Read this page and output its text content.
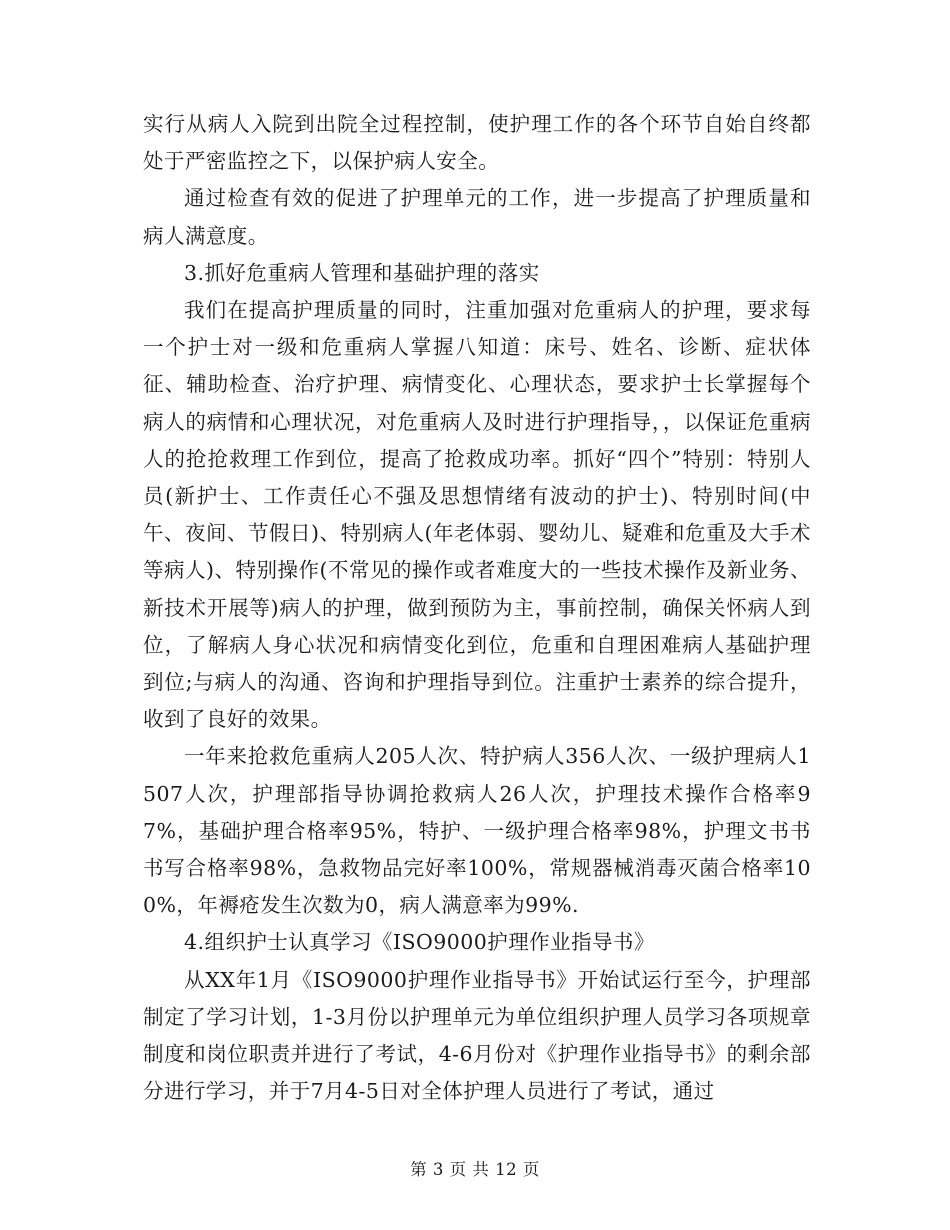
实行从病人入院到出院全过程控制，使护理工作的各个环节自始自终都处于严密监控之下，以保护病人安全。

通过检查有效的促进了护理单元的工作，进一步提高了护理质量和病人满意度。

3.抓好危重病人管理和基础护理的落实

我们在提高护理质量的同时，注重加强对危重病人的护理，要求每一个护士对一级和危重病人掌握八知道：床号、姓名、诊断、症状体征、辅助检查、治疗护理、病情变化、心理状态，要求护士长掌握每个病人的病情和心理状况，对危重病人及时进行护理指导，，以保证危重病人的抢抢救理工作到位，提高了抢救成功率。抓好“四个”特别：特别人员(新护士、工作责任心不强及思想情绪有波动的护士)、特别时间(中午、夜间、节假日)、特别病人(年老体弱、婴幼儿、疑难和危重及大手术等病人)、特别操作(不常见的操作或者难度大的一些技术操作及新业务、新技术开展等)病人的护理，做到预防为主，事前控制，确保关怀病人到位，了解病人身心状况和病情变化到位，危重和自理困难病人基础护理到位;与病人的沟通、咨询和护理指导到位。注重护士素养的综合提升，收到了良好的效果。

一年来抢救危重病人205人次、特护病人356人次、一级护理病人1507人次，护理部指导协调抢救病人26人次，护理技术操作合格率97%，基础护理合格率95%，特护、一级护理合格率98%，护理文书书书写合格率98%，急救物品完好率100%，常规器械消毒灭菌合格率100%，年褥疮发生次数为0，病人满意率为99%.

4.组织护士认真学习《ISO9000护理作业指导书》

从XX年1月《ISO9000护理作业指导书》开始试运行至今，护理部制定了学习计划，1-3月份以护理单元为单位组织护理人员学习各项规章制度和岗位职责并进行了考试，4-6月份对《护理作业指导书》的剩余部分进行学习，并于7月4-5日对全体护理人员进行了考试，通过

第 3 页 共 12 页
